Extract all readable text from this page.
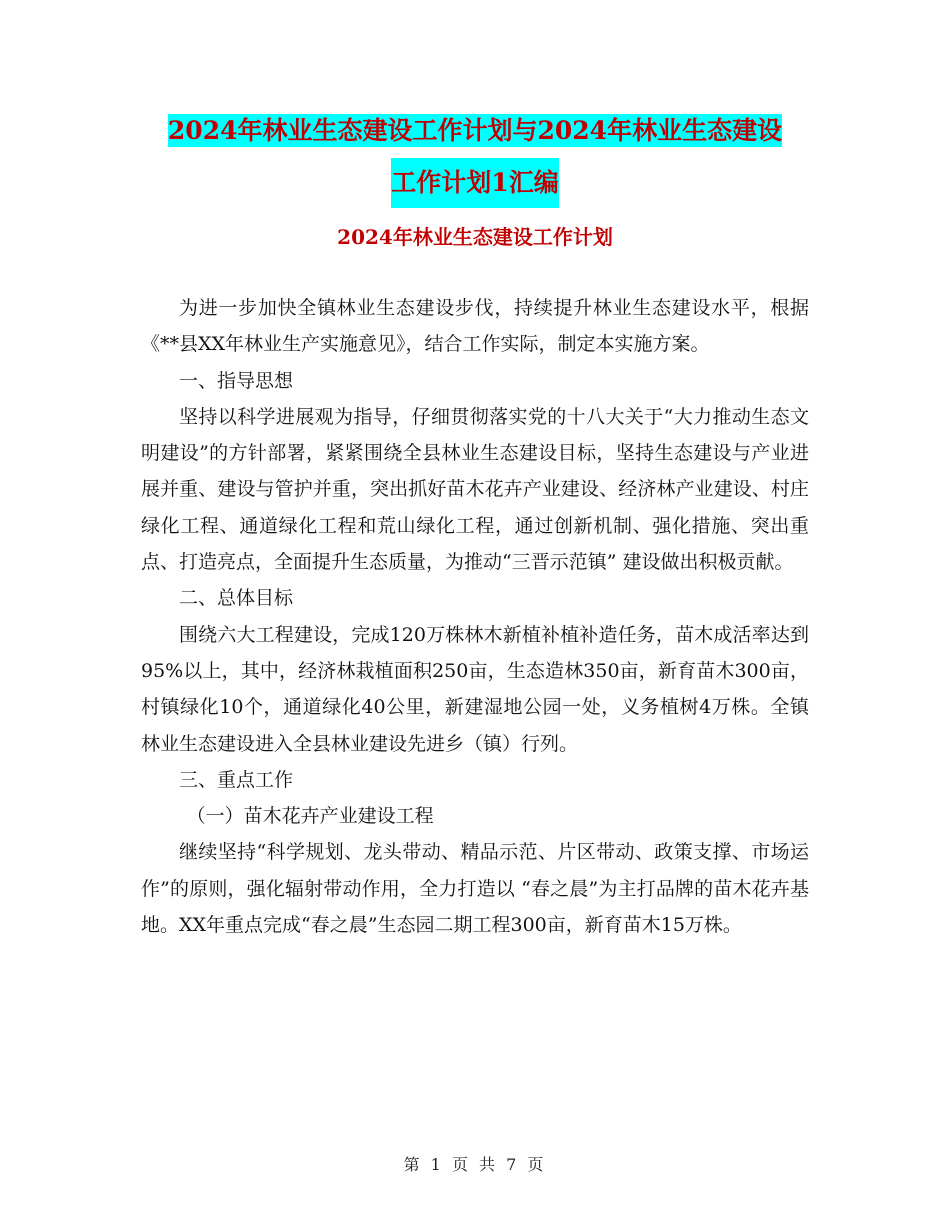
2024年林业生态建设工作计划与2024年林业生态建设
工作计划1汇编
2024年林业生态建设工作计划

为进一步加快全镇林业生态建设步伐，持续提升林业生态建设水平，根据《**县XX年林业生产实施意见》，结合工作实际，制定本实施方案。

一、指导思想

坚持以科学进展观为指导，仔细贯彻落实党的十八大关于“大力推动生态文明建设”的方针部署，紧紧围绕全县林业生态建设目标，坚持生态建设与产业进展并重、建设与管护并重，突出抓好苗木花卉产业建设、经济林产业建设、村庄绿化工程、通道绿化工程和荒山绿化工程，通过创新机制、强化措施、突出重点、打造亮点，全面提升生态质量，为推动“三晋示范镇” 建设做出积极贡献。

二、总体目标

围绕六大工程建设，完成120万株林木新植补植补造任务，苗木成活率达到95%以上，其中，经济林栽植面积250亩，生态造林350亩，新育苗木300亩，村镇绿化10个，通道绿化40公里，新建湿地公园一处，义务植树4万株。全镇林业生态建设进入全县林业建设先进乡（镇）行列。

三、重点工作

（一）苗木花卉产业建设工程

继续坚持“科学规划、龙头带动、精品示范、片区带动、政策支撑、市场运作”的原则，强化辐射带动作用，全力打造以 “春之晨”为主打品牌的苗木花卉基地。XX年重点完成“春之晨”生态园二期工程300亩，新育苗木15万株。

第 1 页 共 7 页
